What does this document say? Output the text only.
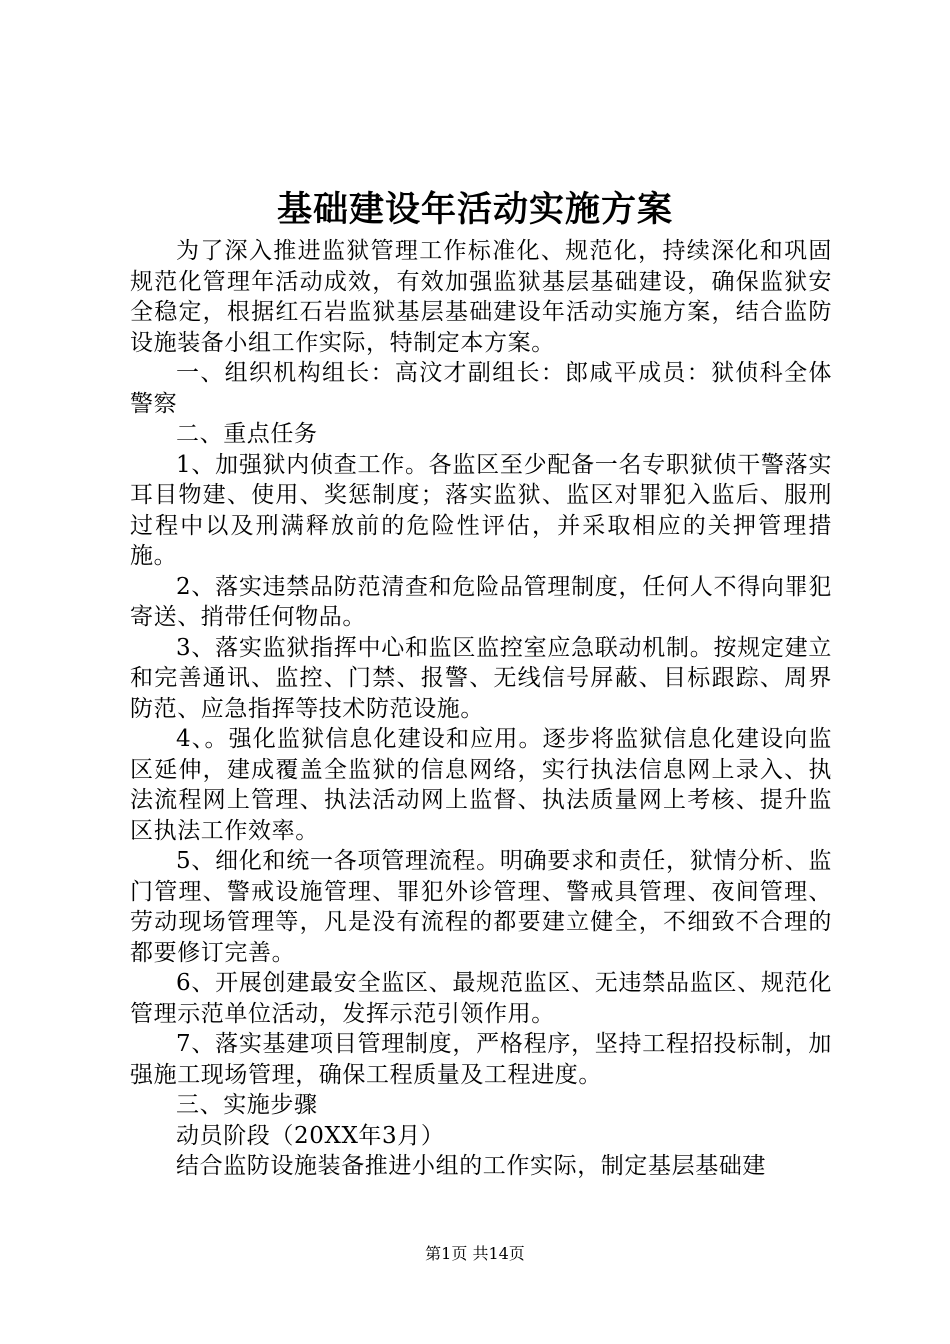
基础建设年活动实施方案

为了深入推进监狱管理工作标准化、规范化，持续深化和巩固规范化管理年活动成效，有效加强监狱基层基础建设，确保监狱安全稳定，根据红石岩监狱基层基础建设年活动实施方案，结合监防设施装备小组工作实际，特制定本方案。

一、组织机构组长：高汶才副组长：郎咸平成员：狱侦科全体警察

二、重点任务

1、加强狱内侦查工作。各监区至少配备一名专职狱侦干警落实耳目物建、使用、奖惩制度；落实监狱、监区对罪犯入监后、服刑过程中以及刑满释放前的危险性评估，并采取相应的关押管理措施。

2、落实违禁品防范清查和危险品管理制度，任何人不得向罪犯寄送、捎带任何物品。

3、落实监狱指挥中心和监区监控室应急联动机制。按规定建立和完善通讯、监控、门禁、报警、无线信号屏蔽、目标跟踪、周界防范、应急指挥等技术防范设施。

4、。强化监狱信息化建设和应用。逐步将监狱信息化建设向监区延伸，建成覆盖全监狱的信息网络，实行执法信息网上录入、执法流程网上管理、执法活动网上监督、执法质量网上考核、提升监区执法工作效率。

5、细化和统一各项管理流程。明确要求和责任，狱情分析、监门管理、警戒设施管理、罪犯外诊管理、警戒具管理、夜间管理、劳动现场管理等，凡是没有流程的都要建立健全，不细致不合理的都要修订完善。

6、开展创建最安全监区、最规范监区、无违禁品监区、规范化管理示范单位活动，发挥示范引领作用。

7、落实基建项目管理制度，严格程序，坚持工程招投标制，加强施工现场管理，确保工程质量及工程进度。

三、实施步骤

动员阶段（20XX年3月）

结合监防设施装备推进小组的工作实际，制定基层基础建

第1页 共14页
